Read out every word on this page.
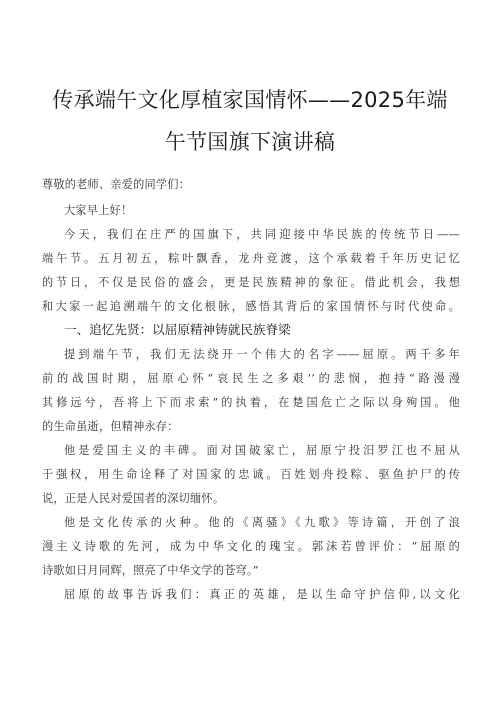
传承端午文化厚植家国情怀——2025年端
午节国旗下演讲稿
尊敬的老师、亲爱的同学们：
大家早上好！
今天，我们在庄严的国旗下，共同迎接中华民族的传统节日——
端午节。五月初五，粽叶飘香，龙舟竞渡，这个承载着千年历史记忆
的节日，不仅是民俗的盛会，更是民族精神的象征。借此机会，我想
和大家一起追溯端午的文化根脉，感悟其背后的家国情怀与时代使命。
一、追忆先贤：以屈原精神铸就民族脊梁
提到端午节，我们无法绕开一个伟大的名字——屈原。两千多年
前的战国时期，屈原心怀“哀民生之多艰’’的悲悯，抱持“路漫漫
其修远兮，吾将上下而求索”的执着，在楚国危亡之际以身殉国。他
的生命虽逝，但精神永存：
他是爱国主义的丰碑。面对国破家亡，屈原宁投汨罗江也不屈从
于强权，用生命诠释了对国家的忠诚。百姓划舟投粽、驱鱼护尸的传
说，正是人民对爱国者的深切缅怀。
他是文化传承的火种。他的《离骚》《九歌》等诗篇，开创了浪
漫主义诗歌的先河，成为中华文化的瑰宝。郭沫若曾评价：“屈原的
诗歌如日月同辉，照亮了中华文学的苍穹。”
屈原的故事告诉我们：真正的英雄，是以生命守护信仰,以文化
